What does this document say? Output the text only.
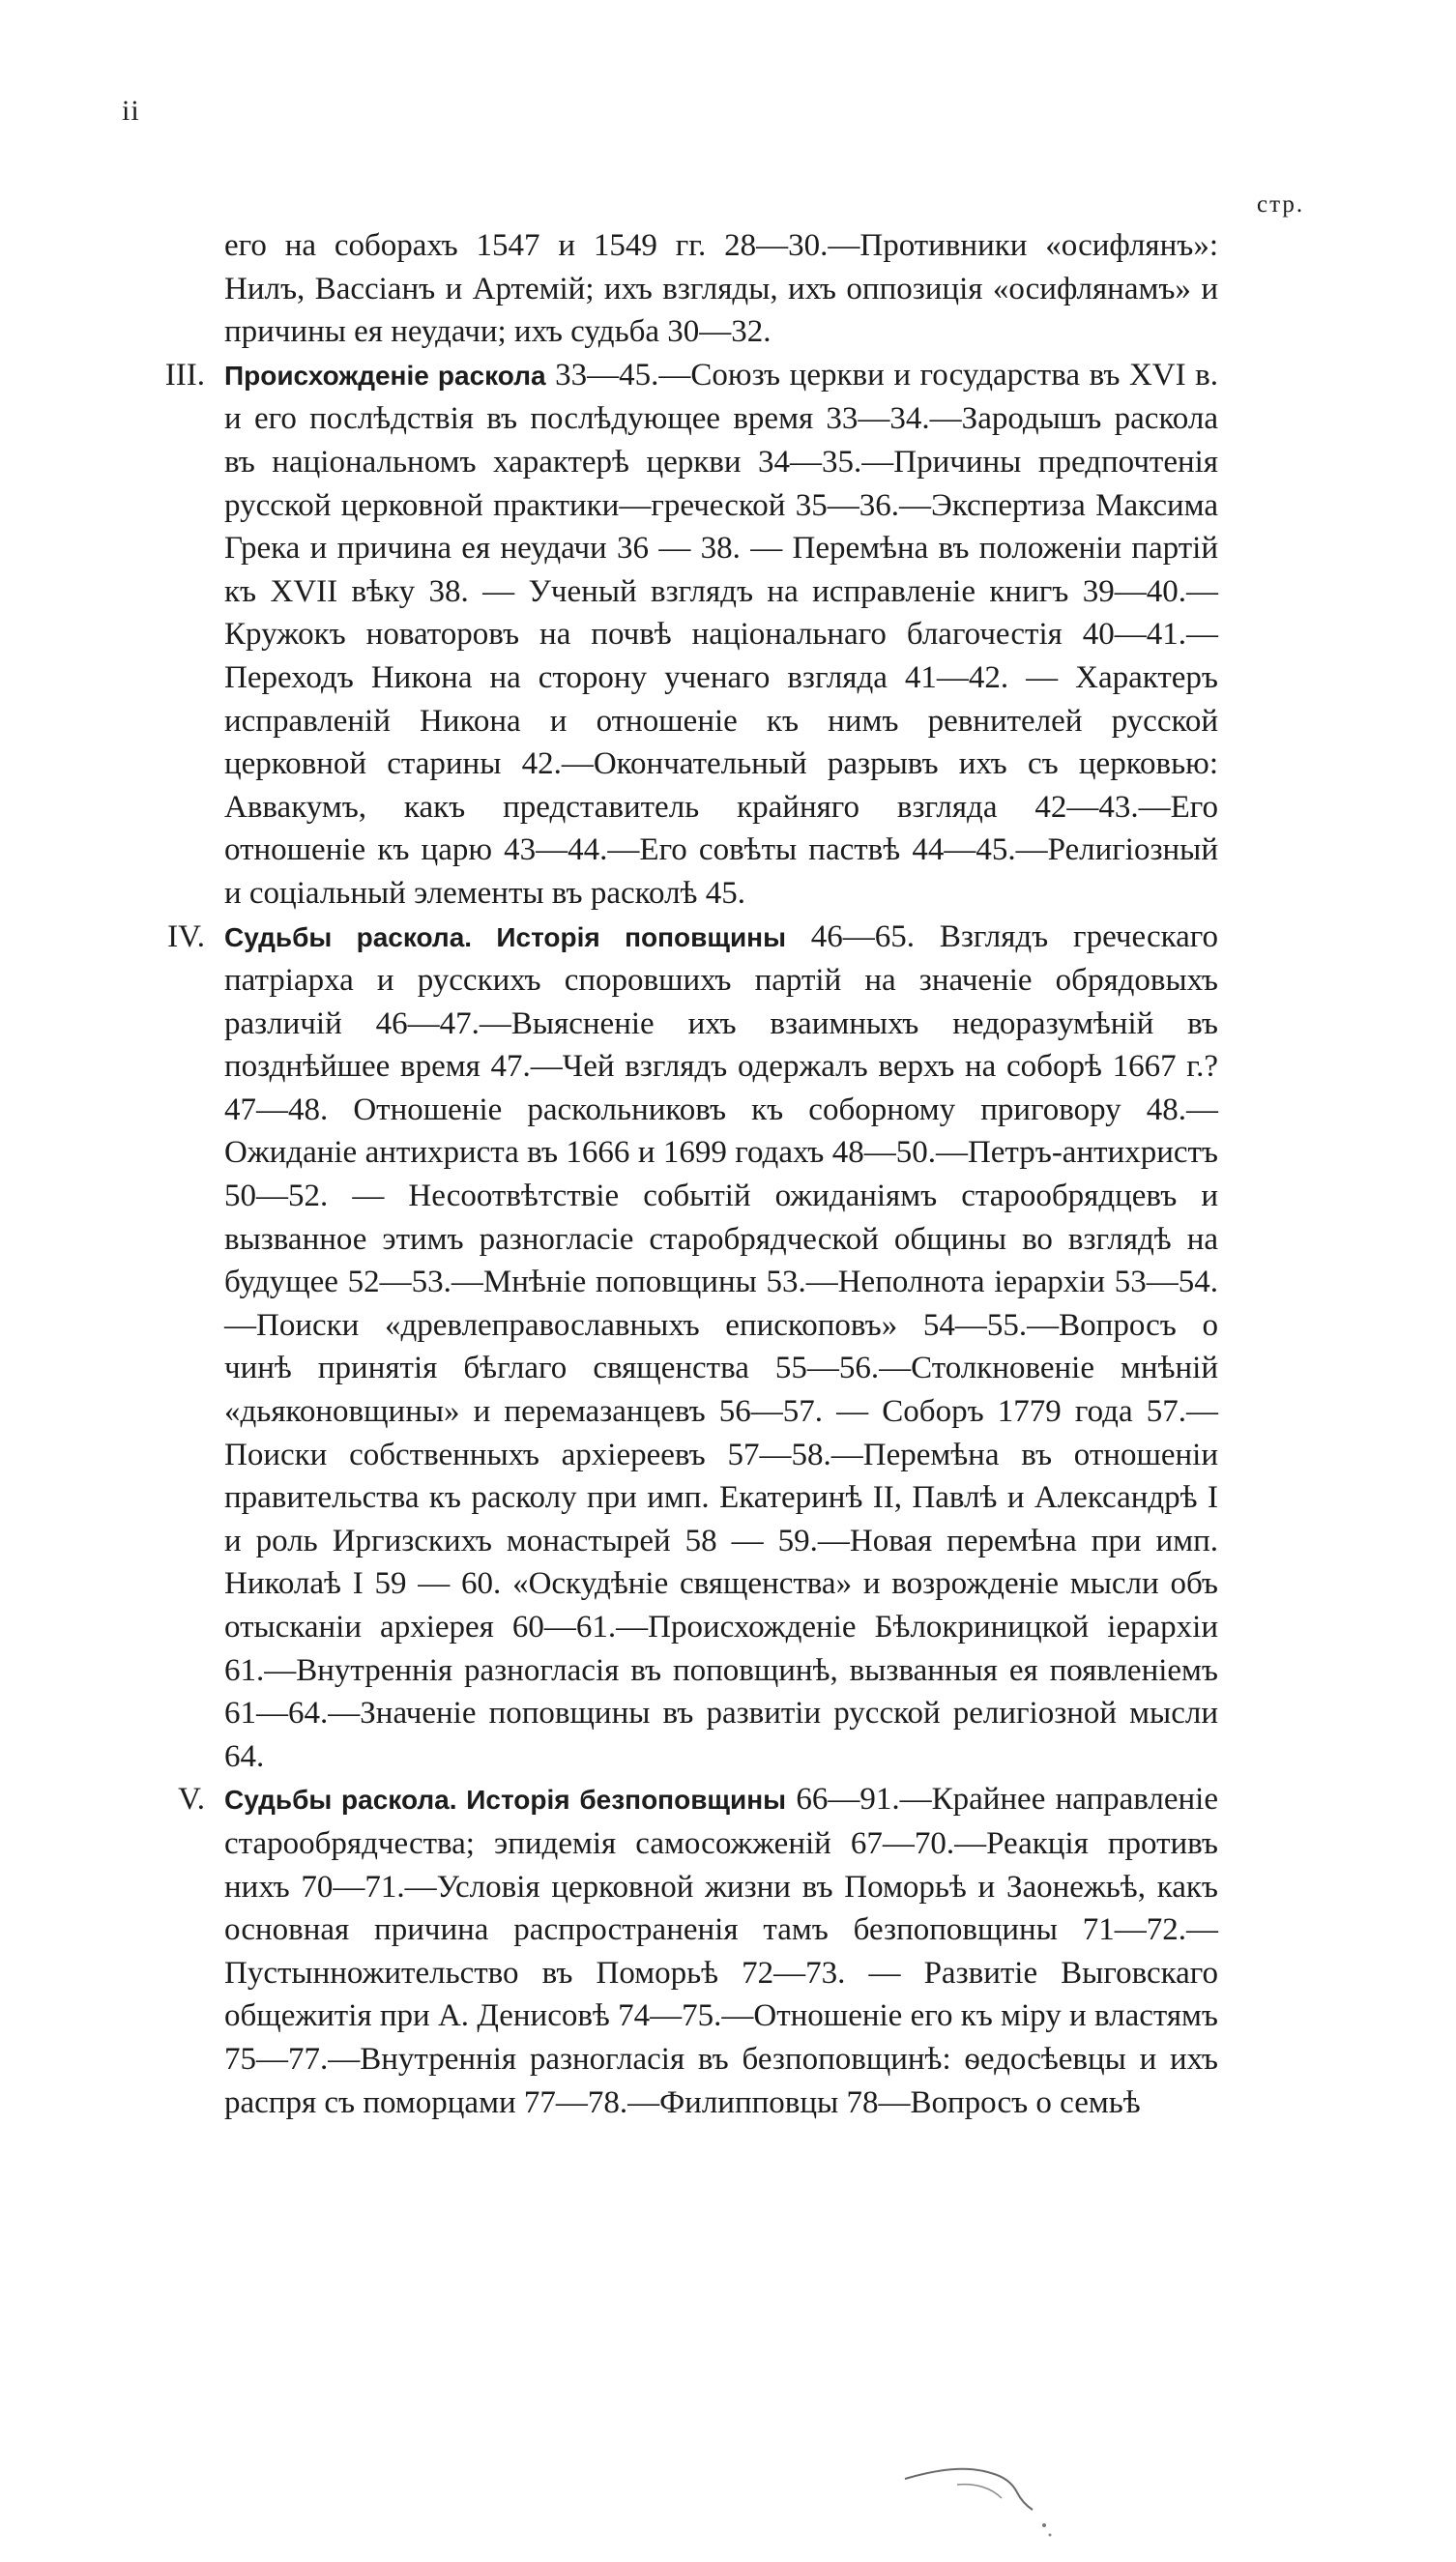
ii
стр.

его на соборахъ 1547 и 1549 гг. 28—30.—Противники «осифлянъ»: Нилъ, Вассіанъ и Артемій; ихъ взгляды, ихъ оппозиція «осифлянамъ» и причины ея неудачи; ихъ судьба 30—32.

III. Происхожденіе раскола 33—45.—Союзъ церкви и государства въ XVI в. и его послѣдствія въ послѣдующее время 33—34.—Зародышъ раскола въ національномъ характерѣ церкви 34—35.—Причины предпочтенія русской церковной практики—греческой 35—36.—Экспертиза Максима Грека и причина ея неудачи 36 — 38. — Перемѣна въ положеніи партій къ XVII вѣку 38. — Ученый взглядъ на исправленіе книгъ 39—40.—Кружокъ новаторовъ на почвѣ національнаго благочестія 40—41.—Переходъ Никона на сторону ученаго взгляда 41—42. — Характеръ исправленій Никона и отношеніе къ нимъ ревнителей русской церковной старины 42.—Окончательный разрывъ ихъ съ церковью: Аввакумъ, какъ представитель крайняго взгляда 42—43.—Его отношеніе къ царю 43—44.—Его совѣты паствѣ 44—45.—Религіозный и соціальный элементы въ расколѣ 45.

IV. Судьбы раскола. Исторія поповщины 46—65. Взглядъ греческаго патріарха и русскихъ споровшихъ партій на значеніе обрядовыхъ различій 46—47.—Выясненіе ихъ взаимныхъ недоразумѣній въ позднѣйшее время 47.—Чей взглядъ одержалъ верхъ на соборѣ 1667 г.? 47—48. Отношеніе раскольниковъ къ соборному приговору 48.—Ожиданіе антихриста въ 1666 и 1699 годахъ 48—50.—Петръ-антихристъ 50—52. — Несоотвѣтствіе событій ожиданіямъ старообрядцевъ и вызванное этимъ разногласіе старобрядческой общины во взглядѣ на будущее 52—53.—Мнѣніе поповщины 53.—Неполнота іерархіи 53—54.—Поиски «древлеправославныхъ епископовъ» 54—55.—Вопросъ о чинѣ принятія бѣглаго священства 55—56.—Столкновеніе мнѣній «дьяконовщины» и перемазанцевъ 56—57. — Соборъ 1779 года 57.—Поиски собственныхъ архіереевъ 57—58.—Перемѣна въ отношеніи правительства къ расколу при имп. Екатеринѣ II, Павлѣ и Александрѣ I и роль Иргизскихъ монастырей 58 — 59.—Новая перемѣна при имп. Николаѣ I 59 — 60. «Оскудѣніе священства» и возрожденіе мысли объ отысканіи архіерея 60—61.—Происхожденіе Бѣлокриницкой іерархіи 61.—Внутреннія разногласія въ поповщинѣ, вызванныя ея появленіемъ 61—64.—Значеніе поповщины въ развитіи русской религіозной мысли 64.

V. Судьбы раскола. Исторія безпоповщины 66—91.—Крайнее направленіе старообрядчества; эпидемія самосожженій 67—70.—Реакція противъ нихъ 70—71.—Условія церковной жизни въ Поморьѣ и Заонежьѣ, какъ основная причина распространенія тамъ безпоповщины 71—72.—Пустынножительство въ Поморьѣ 72—73. — Развитіе Выговскаго общежитія при А. Денисовѣ 74—75.—Отношеніе его къ міру и властямъ 75—77.—Внутреннія разногласія въ безпоповщинѣ: ѳедосѣевцы и ихъ распря съ поморцами 77—78.—Филипповцы 78—Вопросъ о семьѣ
